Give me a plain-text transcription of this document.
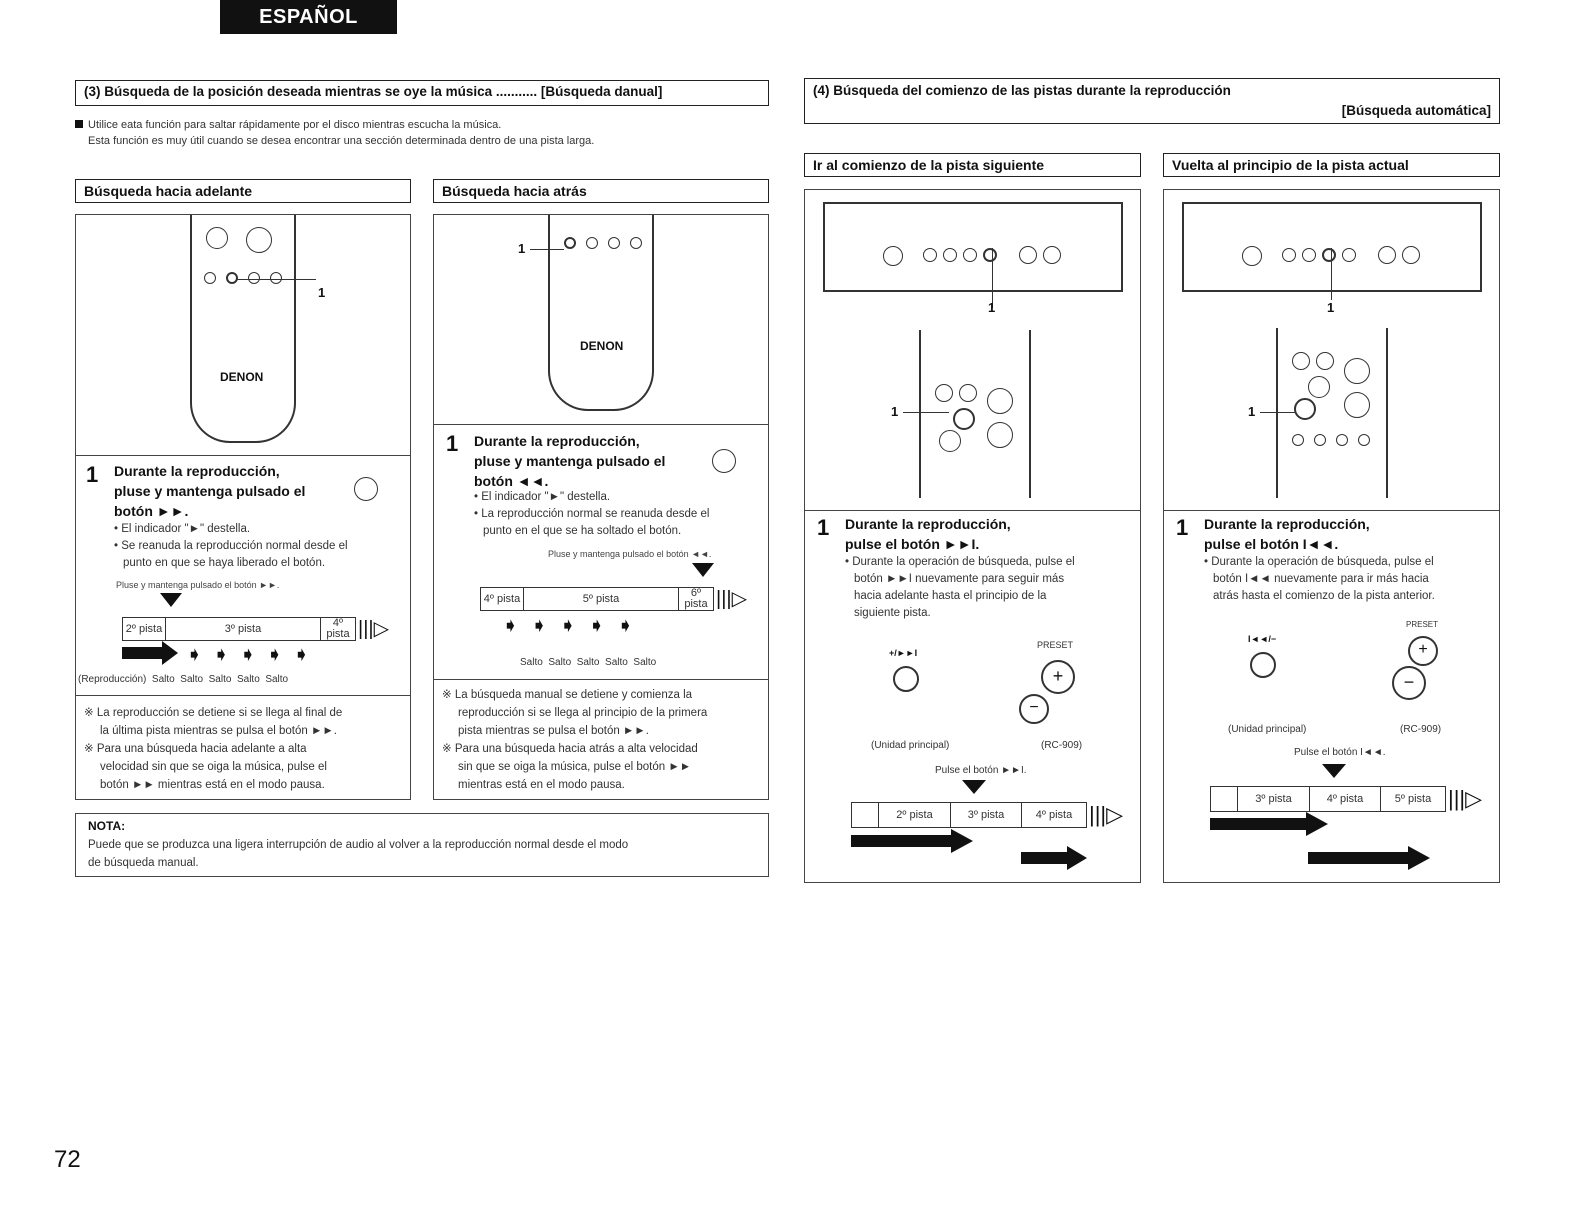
ESPAÑOL
(3) Búsqueda de la posición deseada mientras se oye la música ........... [Búsqueda danual]
Utilice eata función para saltar rápidamente por el disco mientras escucha la música.
Esta función es muy útil cuando se desea encontrar una sección determinada dentro de una pista larga.
Búsqueda hacia adelante
DENON
1
1 Durante la reproducción,
pluse y mantenga pulsado el
botón ►►.
• El indicador "►" destella.
• Se reanuda la reproducción normal desde el
punto en que se haya liberado el botón.
Pluse y mantenga pulsado el botón ►►.
2º pista	3º pista	4º pista |||▷
➧➧➧➧➧
(Reproducción)  Salto  Salto  Salto  Salto  Salto
※ La reproducción se detiene si se llega al final de
la última pista mientras se pulsa el botón ►►.
※ Para una búsqueda hacia adelante a alta
velocidad sin que se oiga la música, pulse el
botón ►► mientras está en el modo pausa.
Búsqueda hacia atrás
DENON
1
1 Durante la reproducción,
pluse y mantenga pulsado el
botón ◄◄.
• El indicador "►" destella.
• La reproducción normal se reanuda desde el
punto en el que se ha soltado el botón.
Pluse y mantenga pulsado el botón ◄◄.
4º pista	5º pista	6º pista |||▷
➧➧➧➧➧
Salto  Salto  Salto  Salto  Salto
※ La búsqueda manual se detiene y comienza la
reproducción si se llega al principio de la primera
pista mientras se pulsa el botón ►►.
※ Para una búsqueda hacia atrás a alta velocidad
sin que se oiga la música, pulse el botón ►►
mientras está en el modo pausa.
NOTA:
Puede que se produzca una ligera interrupción de audio al volver a la reproducción normal desde el modo
de búsqueda manual.
(4) Búsqueda del comienzo de las pistas durante la reproducción
[Búsqueda automática]
Ir al comienzo de la pista siguiente
1
1
1 Durante la reproducción,
pulse el botón ►►I.
• Durante la operación de búsqueda, pulse el
botón ►►I nuevamente para seguir más
hacia adelante hasta el principio de la
siguiente pista.
+/►►I
PRESET
+
−
(Unidad principal)	(RC-909)
Pulse el botón ►►I.
2º pista	3º pista	4º pista |||▷
Vuelta al principio de la pista actual
1
1
1 Durante la reproducción,
pulse el botón I◄◄.
• Durante la operación de búsqueda, pulse el
botón I◄◄ nuevamente para ir más hacia
atrás hasta el comienzo de la pista anterior.
I◄◄/−
PRESET
+
−
(Unidad principal)	(RC-909)
Pulse el botón I◄◄.
3º pista	4º pista	5º pista |||▷
72
